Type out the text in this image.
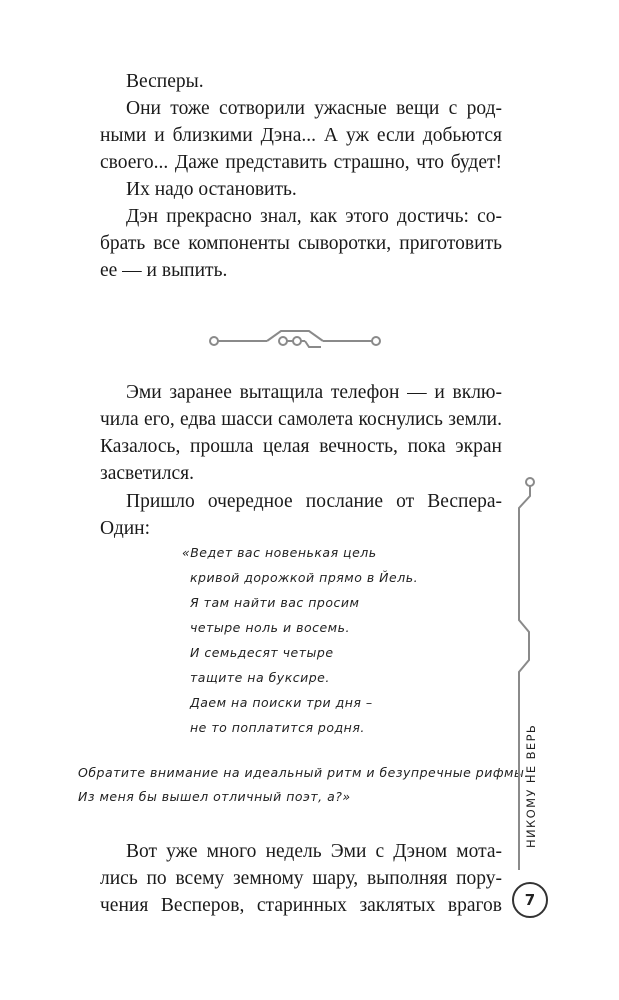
Весперы.

Они тоже сотворили ужасные вещи с род-

ными и близкими Дэна... А уж если добьются

своего... Даже представить страшно, что будет!

Их надо остановить.

Дэн прекрасно знал, как этого достичь: со-

брать все компоненты сыворотки, приготовить

ее — и выпить.

Эми заранее вытащила телефон — и вклю-

чила его, едва шасси самолета коснулись земли.

Казалось, прошла целая вечность, пока экран

засветился.

Пришло очередное послание от Веспера-

Один:

«Ведет вас новенькая цель
кривой дорожкой прямо в Йель.
Я там найти вас просим
четыре ноль и восемь.
И семьдесят четыре
тащите на буксире.
Даем на поиски три дня –
не то поплатится родня.
Обратите внимание на идеальный ритм и безупречные рифмы.
Из меня бы вышел отличный поэт, а?»

Вот уже много недель Эми с Дэном мота-

лись по всему земному шару, выполняя пору-

чения Весперов, старинных заклятых врагов

НИКОМУ НЕ ВЕРЬ
7
